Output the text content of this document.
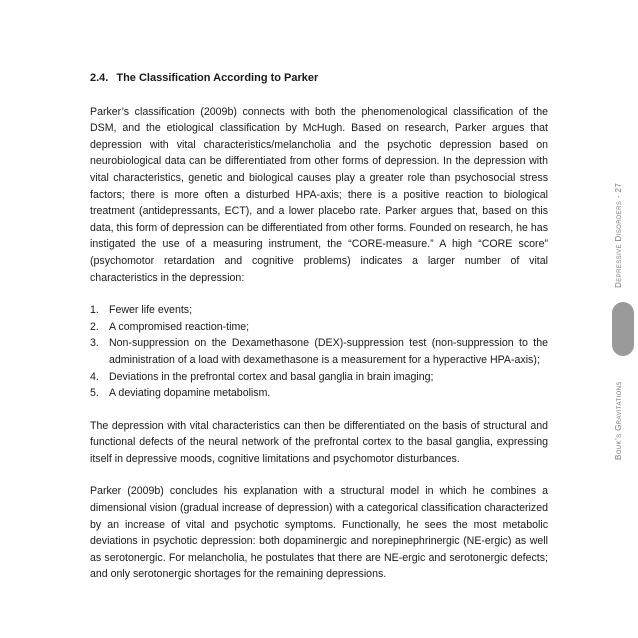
2.4. The Classification According to Parker

Parker’s classification (2009b) connects with both the phenomenological classification of the DSM, and the etiological classification by McHugh. Based on research, Parker argues that depression with vital characteristics/melancholia and the psychotic depression based on neurobiological data can be differentiated from other forms of depression. In the depression with vital characteristics, genetic and biological causes play a greater role than psychosocial stress factors; there is more often a disturbed HPA-axis; there is a positive reaction to biological treatment (antidepressants, ECT), and a lower placebo rate. Parker argues that, based on this data, this form of depression can be differentiated from other forms. Founded on research, he has instigated the use of a measuring instrument, the “CORE-measure.” A high “CORE score” (psychomotor retardation and cognitive problems) indicates a larger number of vital characteristics in the depression:

1. Fewer life events;
2. A compromised reaction-time;
3. Non-suppression on the Dexamethasone (DEX)-suppression test (non-suppression to the administration of a load with dexamethasone is a measurement for a hyperactive HPA-axis);
4. Deviations in the prefrontal cortex and basal ganglia in brain imaging;
5. A deviating dopamine metabolism.

The depression with vital characteristics can then be differentiated on the basis of structural and functional defects of the neural network of the prefrontal cortex to the basal ganglia, expressing itself in depressive moods, cognitive limitations and psychomotor disturbances.

Parker (2009b) concludes his explanation with a structural model in which he combines a dimensional vision (gradual increase of depression) with a categorical classification characterized by an increase of vital and psychotic symptoms. Functionally, he sees the most metabolic deviations in psychotic depression: both dopaminergic and norepinephrinergic (NE-ergic) as well as serotonergic. For melancholia, he postulates that there are NE-ergic and serotonergic defects; and only serotonergic shortages for the remaining depressions.

Bouk’s Gravitations  Depressive Disorders - 27
